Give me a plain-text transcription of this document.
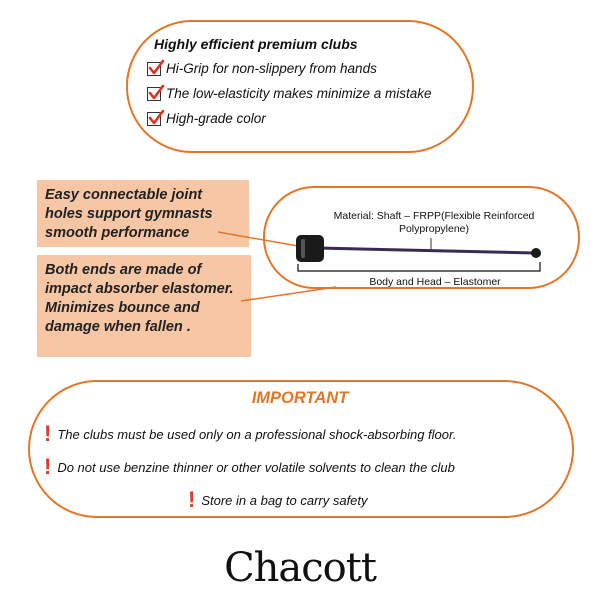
Highly efficient premium clubs
Hi-Grip for non-slippery from hands
The low-elasticity makes minimize a mistake
High-grade color
Easy connectable joint holes support gymnasts smooth performance
Both ends are made of impact absorber elastomer. Minimizes bounce and damage when fallen .
Material: Shaft – FRPP(Flexible Reinforced Polypropylene)
Body and Head – Elastomer
IMPORTANT
! The clubs must be used only on a professional shock-absorbing floor.
! Do not use benzine thinner or other volatile solvents to clean the club
! Store in a bag to carry safety
Chacott
